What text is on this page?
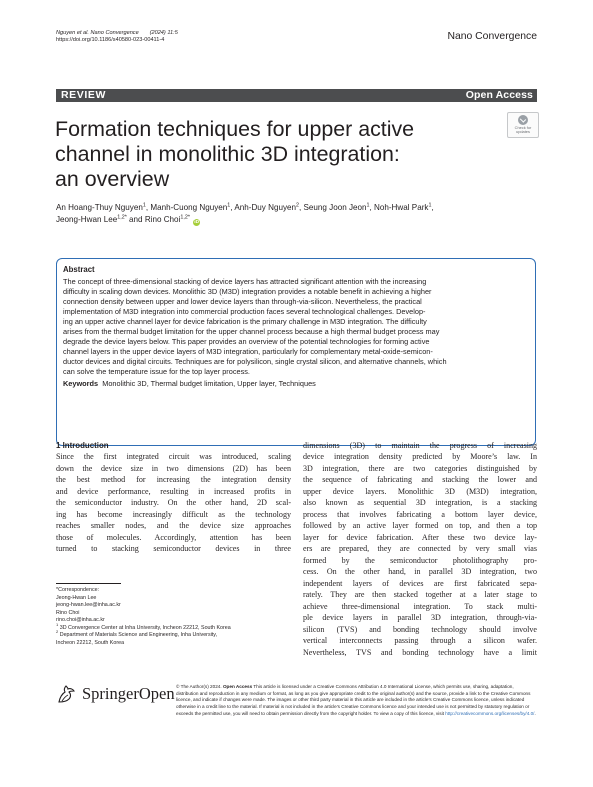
Nguyen et al. Nano Convergence (2024) 11:5
https://doi.org/10.1186/s40580-023-00411-4	Nano Convergence
REVIEW	Open Access
Check for
updates
Formation techniques for upper active
channel in monolithic 3D integration:
an overview
An Hoang-Thuy Nguyen$^1$, Manh-Cuong Nguyen$^1$, Anh-Duy Nguyen$^2$, Seung Joon Jeon$^1$, Noh-Hwal Park$^1$,
Jeong-Hwan Lee$^{1,2*}$ and Rino Choi$^{1,2*}$ iD
Abstract
The concept of three-dimensional stacking of device layers has attracted significant attention with the increasing
difficulty in scaling down devices. Monolithic 3D (M3D) integration provides a notable benefit in achieving a higher
connection density between upper and lower device layers than through-via-silicon. Nevertheless, the practical
implementation of M3D integration into commercial production faces several technological challenges. Develop-
ing an upper active channel layer for device fabrication is the primary challenge in M3D integration. The difficulty
arises from the thermal budget limitation for the upper channel process because a high thermal budget process may
degrade the device layers below. This paper provides an overview of the potential technologies for forming active
channel layers in the upper device layers of M3D integration, particularly for complementary metal-oxide-semicon-
ductor devices and digital circuits. Techniques are for polysilicon, single crystal silicon, and alternative channels, which
can solve the temperature issue for the top layer process.
Keywords Monolithic 3D, Thermal budget limitation, Upper layer, Techniques
1 Introduction
Since the first integrated circuit was introduced, scaling
down the device size in two dimensions (2D) has been
the best method for increasing the integration density
and device performance, resulting in increased profits in
the semiconductor industry. On the other hand, 2D scal-
ing has become increasingly difficult as the technology
reaches smaller nodes, and the device size approaches
those of molecules. Accordingly, attention has been
turned to stacking semiconductor devices in three
dimensions (3D) to maintain the progress of increasing
device integration density predicted by Moore’s law. In
3D integration, there are two categories distinguished by
the sequence of fabricating and stacking the lower and
upper device layers. Monolithic 3D (M3D) integration,
also known as sequential 3D integration, is a stacking
process that involves fabricating a bottom layer device,
followed by an active layer formed on top, and then a top
layer for device fabrication. After these two device lay-
ers are prepared, they are connected by very small vias
formed by the semiconductor photolithography pro-
cess. On the other hand, in parallel 3D integration, two
independent layers of devices are first fabricated sepa-
rately. They are then stacked together at a later stage to
achieve three-dimensional integration. To stack multi-
ple device layers in parallel 3D integration, through-via-
silicon (TVS) and bonding technology should involve
vertical interconnects passing through a silicon wafer.
Nevertheless, TVS and bonding technology have a limit
*Correspondence:
Jeong-Hwan Lee
jeong-hwan.lee@inha.ac.kr
Rino Choi
rino.choi@inha.ac.kr
$^1$ 3D Convergence Center at Inha University, Incheon 22212, South Korea
$^2$ Department of Materials Science and Engineering, Inha University,
Incheon 22212, South Korea
SpringerOpen © The Author(s) 2024. Open Access This article is licensed under a Creative Commons Attribution 4.0 International License, which permits use, sharing, adaptation, distribution and reproduction in any medium or format, as long as you give appropriate credit to the original author(s) and the source, provide a link to the Creative Commons licence, and indicate if changes were made. The images or other third party material in this article are included in the article’s Creative Commons licence, unless indicated otherwise in a credit line to the material. If material is not included in the article’s Creative Commons licence and your intended use is not permitted by statutory regulation or exceeds the permitted use, you will need to obtain permission directly from the copyright holder. To view a copy of this licence, visit http://creativecommons.org/licenses/by/4.0/.
